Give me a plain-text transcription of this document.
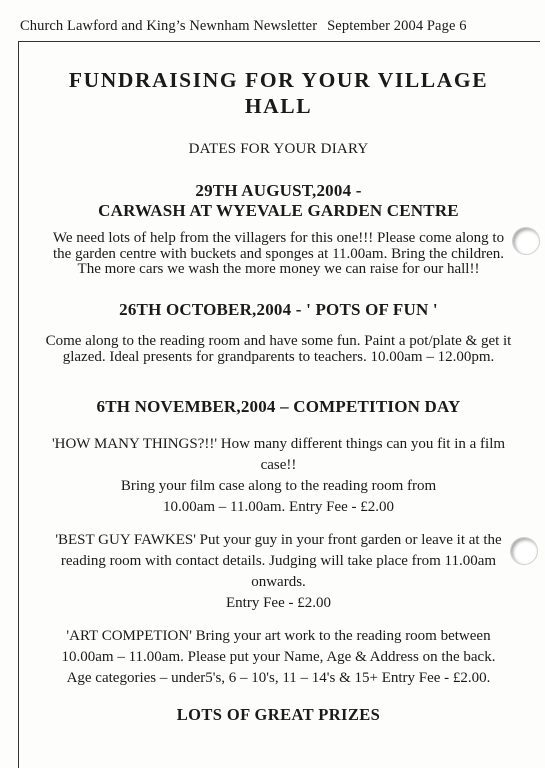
Church Lawford and King’s Newnham Newsletter September 2004 Page 6
FUNDRAISING FOR YOUR VILLAGE
HALL
DATES FOR YOUR DIARY
29TH AUGUST,2004 -
CARWASH AT WYEVALE GARDEN CENTRE
We need lots of help from the villagers for this one!!! Please come along to
the garden centre with buckets and sponges at 11.00am. Bring the children.
The more cars we wash the more money we can raise for our hall!!
26TH OCTOBER,2004 - ' POTS OF FUN '
Come along to the reading room and have some fun. Paint a pot/plate & get it
glazed. Ideal presents for grandparents to teachers. 10.00am – 12.00pm.
6TH NOVEMBER,2004 – COMPETITION DAY
'HOW MANY THINGS?!!' How many different things can you fit in a film
case!!
Bring your film case along to the reading room from
10.00am – 11.00am. Entry Fee - £2.00
'BEST GUY FAWKES' Put your guy in your front garden or leave it at the
reading room with contact details. Judging will take place from 11.00am
onwards.
Entry Fee - £2.00
'ART COMPETION' Bring your art work to the reading room between
10.00am – 11.00am. Please put your Name, Age & Address on the back.
Age categories – under5's, 6 – 10's, 11 – 14's & 15+ Entry Fee - £2.00.
LOTS OF GREAT PRIZES
